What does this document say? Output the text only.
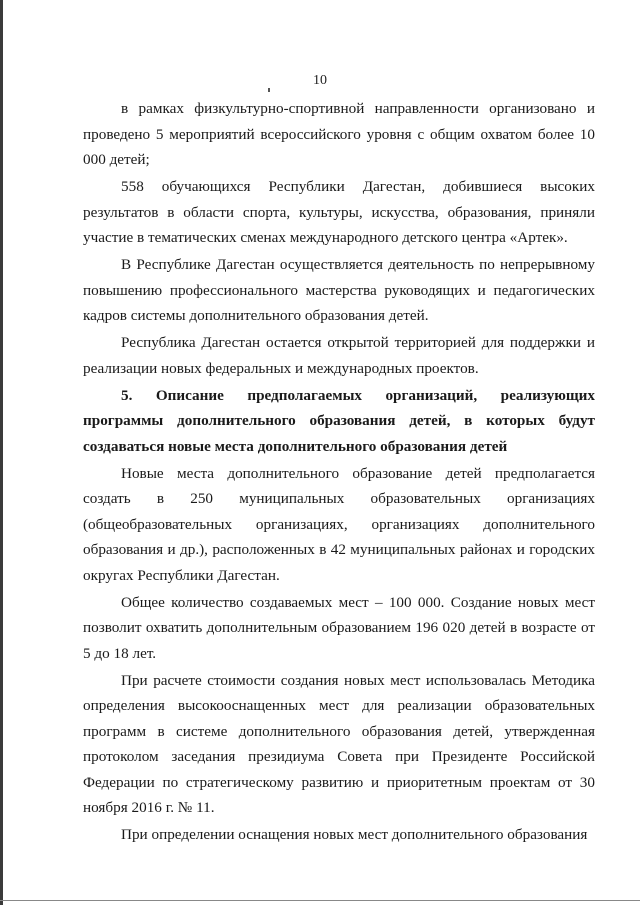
10

в рамках физкультурно-спортивной направленности организовано и проведено 5 мероприятий всероссийского уровня с общим охватом более 10 000 детей;

558 обучающихся Республики Дагестан, добившиеся высоких результатов в области спорта, культуры, искусства, образования, приняли участие в тематических сменах международного детского центра «Артек».

В Республике Дагестан осуществляется деятельность по непрерывному повышению профессионального мастерства руководящих и педагогических кадров системы дополнительного образования детей.

Республика Дагестан остается открытой территорией для поддержки и реализации новых федеральных и международных проектов.

5. Описание предполагаемых организаций, реализующих программы дополнительного образования детей, в которых будут создаваться новые места дополнительного образования детей

Новые места дополнительного образование детей предполагается создать в 250 муниципальных образовательных организациях (общеобразовательных организациях, организациях дополнительного образования и др.), расположенных в 42 муниципальных районах и городских округах Республики Дагестан.

Общее количество создаваемых мест – 100 000. Создание новых мест позволит охватить дополнительным образованием 196 020 детей в возрасте от 5 до 18 лет.

При расчете стоимости создания новых мест использовалась Методика определения высокооснащенных мест для реализации образовательных программ в системе дополнительного образования детей, утвержденная протоколом заседания президиума Совета при Президенте Российской Федерации по стратегическому развитию и приоритетным проектам от 30 ноября 2016 г. № 11.

При определении оснащения новых мест дополнительного образования
